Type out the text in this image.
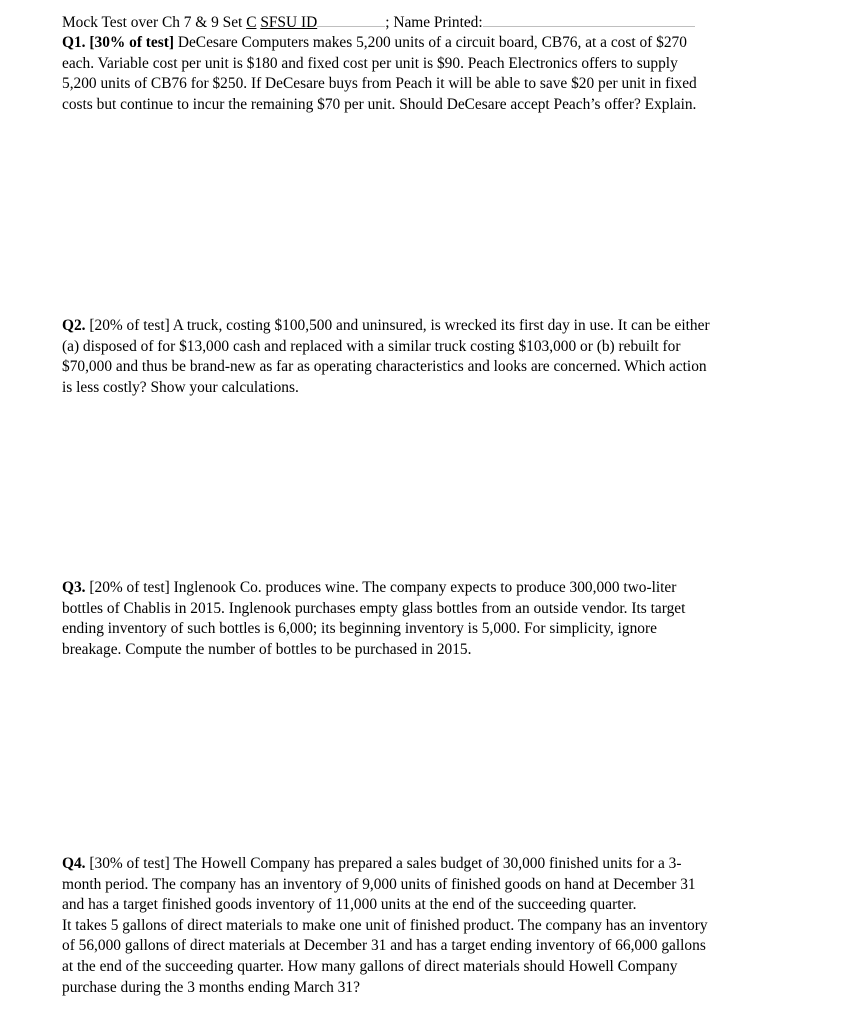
Mock Test over Ch 7 & 9 Set C SFSU ID	; Name Printed:
Q1. [30% of test] DeCesare Computers makes 5,200 units of a circuit board, CB76, at a cost of $270
each. Variable cost per unit is $180 and fixed cost per unit is $90. Peach Electronics offers to supply
5,200 units of CB76 for $250. If DeCesare buys from Peach it will be able to save $20 per unit in fixed
costs but continue to incur the remaining $70 per unit. Should DeCesare accept Peach’s offer? Explain.
Q2. [20% of test] A truck, costing $100,500 and uninsured, is wrecked its first day in use. It can be either
(a) disposed of for $13,000 cash and replaced with a similar truck costing $103,000 or (b) rebuilt for
$70,000 and thus be brand-new as far as operating characteristics and looks are concerned. Which action
is less costly? Show your calculations.
Q3. [20% of test] Inglenook Co. produces wine. The company expects to produce 300,000 two-liter
bottles of Chablis in 2015. Inglenook purchases empty glass bottles from an outside vendor. Its target
ending inventory of such bottles is 6,000; its beginning inventory is 5,000. For simplicity, ignore
breakage. Compute the number of bottles to be purchased in 2015.
Q4. [30% of test] The Howell Company has prepared a sales budget of 30,000 finished units for a 3-
month period. The company has an inventory of 9,000 units of finished goods on hand at December 31
and has a target finished goods inventory of 11,000 units at the end of the succeeding quarter.
It takes 5 gallons of direct materials to make one unit of finished product. The company has an inventory
of 56,000 gallons of direct materials at December 31 and has a target ending inventory of 66,000 gallons
at the end of the succeeding quarter. How many gallons of direct materials should Howell Company
purchase during the 3 months ending March 31?
